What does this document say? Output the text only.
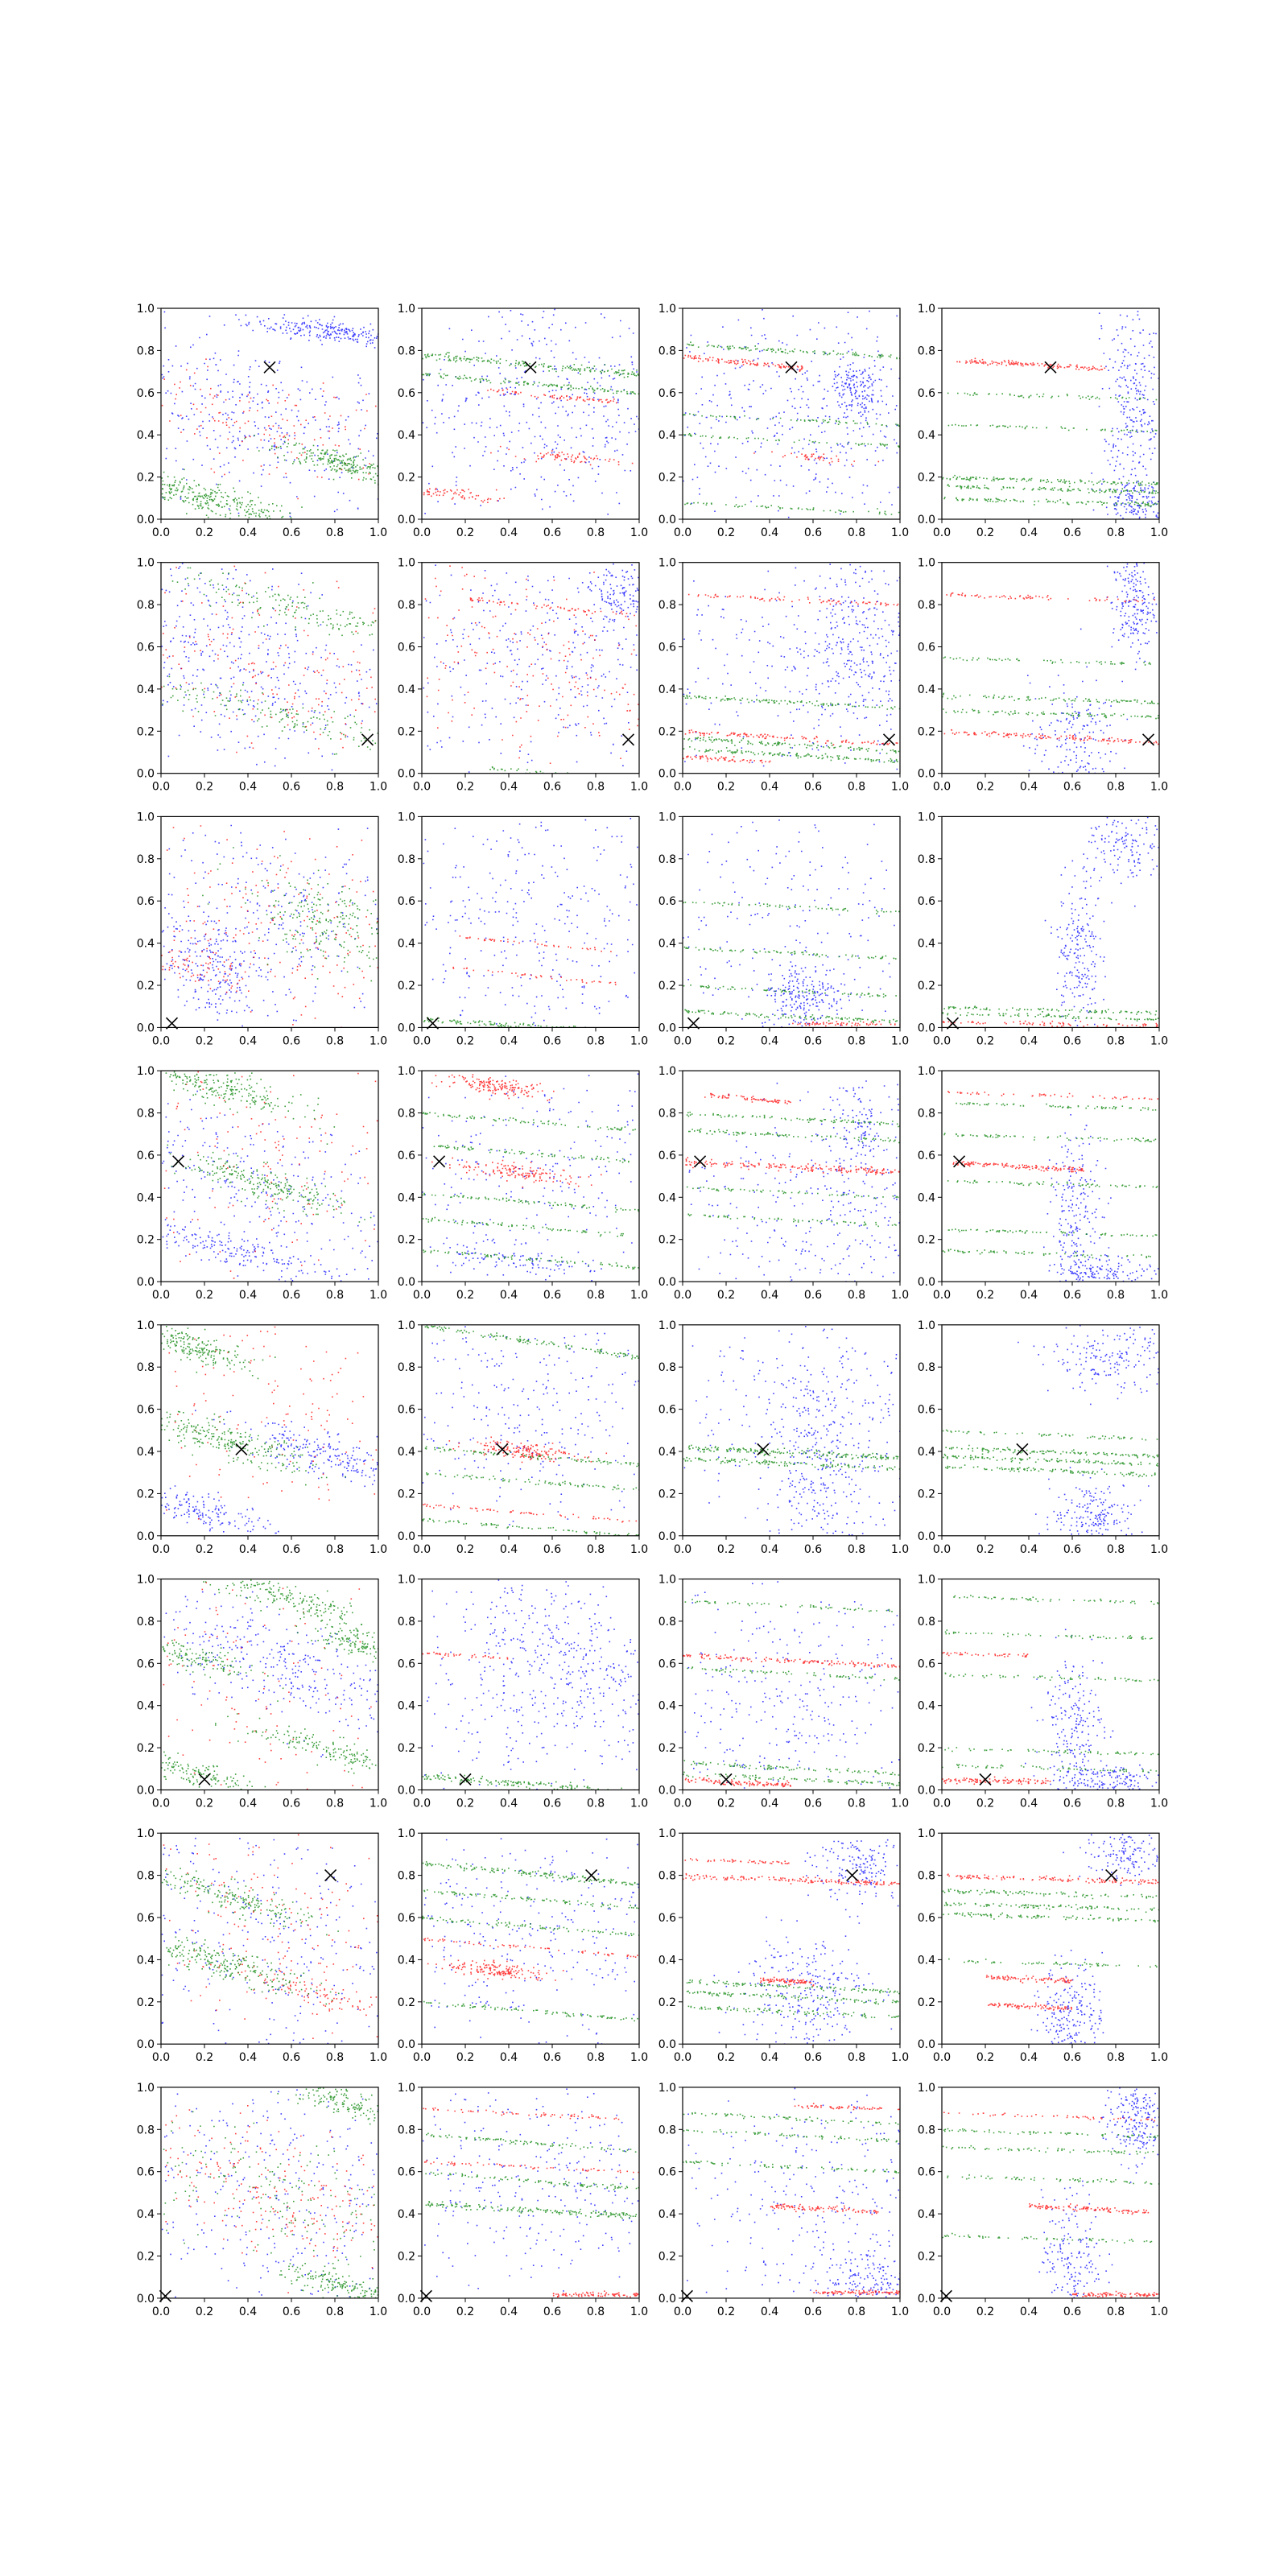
0.0 0.2 0.4 0.6 0.8 1.0
0.0
0.2
0.4
0.6
0.8
1.0
0.0 0.2 0.4 0.6 0.8 1.0
0.0
0.2
0.4
0.6
0.8
1.0
0.0 0.2 0.4 0.6 0.8 1.0
0.0
0.2
0.4
0.6
0.8
1.0
0.0 0.2 0.4 0.6 0.8 1.0
0.0
0.2
0.4
0.6
0.8
1.0
0.0 0.2 0.4 0.6 0.8 1.0
0.0
0.2
0.4
0.6
0.8
1.0
0.0 0.2 0.4 0.6 0.8 1.0
0.0
0.2
0.4
0.6
0.8
1.0
0.0 0.2 0.4 0.6 0.8 1.0
0.0
0.2
0.4
0.6
0.8
1.0
0.0 0.2 0.4 0.6 0.8 1.0
0.0
0.2
0.4
0.6
0.8
1.0
0.0 0.2 0.4 0.6 0.8 1.0
0.0
0.2
0.4
0.6
0.8
1.0
0.0 0.2 0.4 0.6 0.8 1.0
0.0
0.2
0.4
0.6
0.8
1.0
0.0 0.2 0.4 0.6 0.8 1.0
0.0
0.2
0.4
0.6
0.8
1.0
0.0 0.2 0.4 0.6 0.8 1.0
0.0
0.2
0.4
0.6
0.8
1.0
0.0 0.2 0.4 0.6 0.8 1.0
0.0
0.2
0.4
0.6
0.8
1.0
0.0 0.2 0.4 0.6 0.8 1.0
0.0
0.2
0.4
0.6
0.8
1.0
0.0 0.2 0.4 0.6 0.8 1.0
0.0
0.2
0.4
0.6
0.8
1.0
0.0 0.2 0.4 0.6 0.8 1.0
0.0
0.2
0.4
0.6
0.8
1.0
0.0 0.2 0.4 0.6 0.8 1.0
0.0
0.2
0.4
0.6
0.8
1.0
0.0 0.2 0.4 0.6 0.8 1.0
0.0
0.2
0.4
0.6
0.8
1.0
0.0 0.2 0.4 0.6 0.8 1.0
0.0
0.2
0.4
0.6
0.8
1.0
0.0 0.2 0.4 0.6 0.8 1.0
0.0
0.2
0.4
0.6
0.8
1.0
0.0 0.2 0.4 0.6 0.8 1.0
0.0
0.2
0.4
0.6
0.8
1.0
0.0 0.2 0.4 0.6 0.8 1.0
0.0
0.2
0.4
0.6
0.8
1.0
0.0 0.2 0.4 0.6 0.8 1.0
0.0
0.2
0.4
0.6
0.8
1.0
0.0 0.2 0.4 0.6 0.8 1.0
0.0
0.2
0.4
0.6
0.8
1.0
0.0 0.2 0.4 0.6 0.8 1.0
0.0
0.2
0.4
0.6
0.8
1.0
0.0 0.2 0.4 0.6 0.8 1.0
0.0
0.2
0.4
0.6
0.8
1.0
0.0 0.2 0.4 0.6 0.8 1.0
0.0
0.2
0.4
0.6
0.8
1.0
0.0 0.2 0.4 0.6 0.8 1.0
0.0
0.2
0.4
0.6
0.8
1.0
0.0 0.2 0.4 0.6 0.8 1.0
0.0
0.2
0.4
0.6
0.8
1.0
0.0 0.2 0.4 0.6 0.8 1.0
0.0
0.2
0.4
0.6
0.8
1.0
0.0 0.2 0.4 0.6 0.8 1.0
0.0
0.2
0.4
0.6
0.8
1.0
0.0 0.2 0.4 0.6 0.8 1.0
0.0
0.2
0.4
0.6
0.8
1.0
